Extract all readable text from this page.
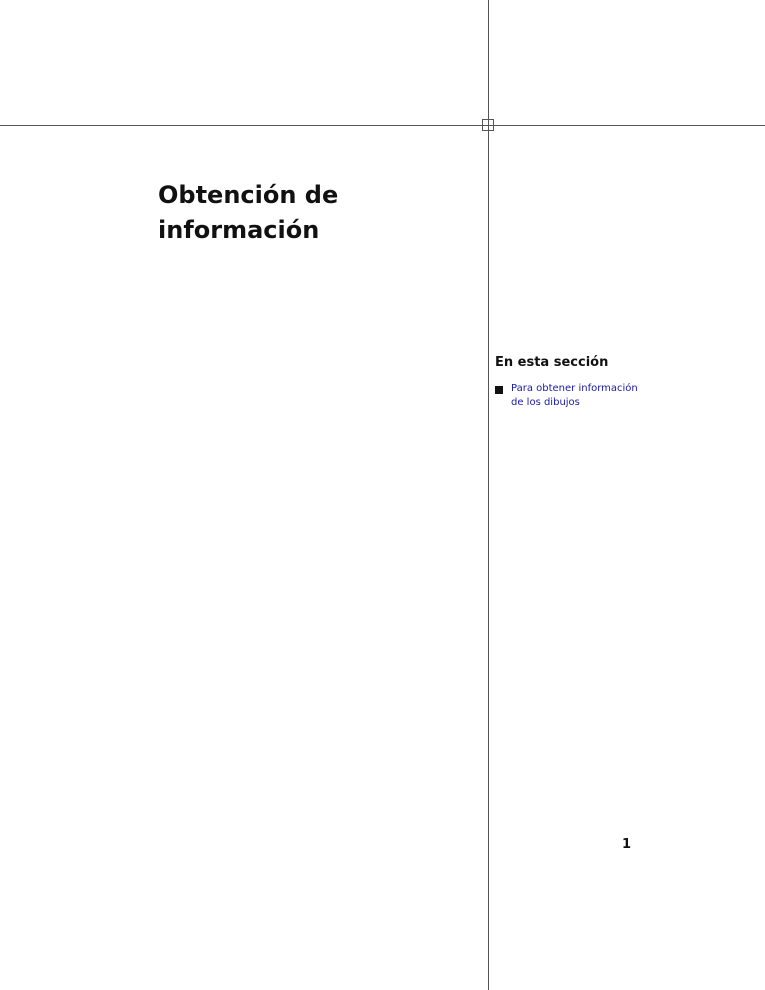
Obtención de
información
En esta sección
Para obtener información de los dibujos
1
